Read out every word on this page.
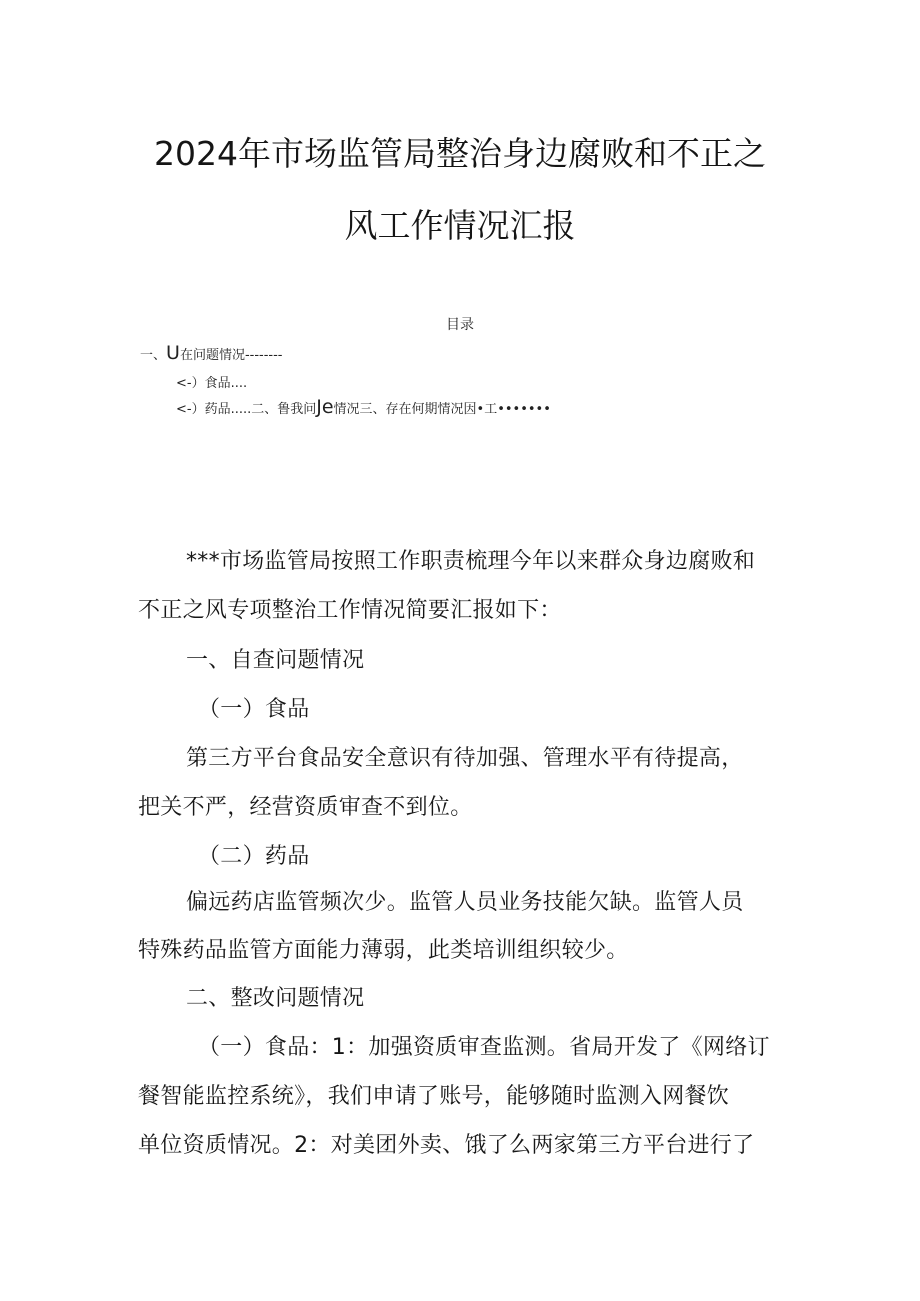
2024年市场监管局整治身边腐败和不正之
风工作情况汇报
目录
一、U在问题情况--------
<-）食品....
<-）药品.....二、鲁我问Je情况三、存在何期情况因•工•••••••
***市场监管局按照工作职责梳理今年以来群众身边腐败和
不正之风专项整治工作情况简要汇报如下：
一、自查问题情况
（一）食品
第三方平台食品安全意识有待加强、管理水平有待提高，
把关不严，经营资质审查不到位。
（二）药品
偏远药店监管频次少。监管人员业务技能欠缺。监管人员
特殊药品监管方面能力薄弱，此类培训组织较少。
二、整改问题情况
（一）食品：1：加强资质审查监测。省局开发了《网络订
餐智能监控系统》，我们申请了账号，能够随时监测入网餐饮
单位资质情况。2：对美团外卖、饿了么两家第三方平台进行了
